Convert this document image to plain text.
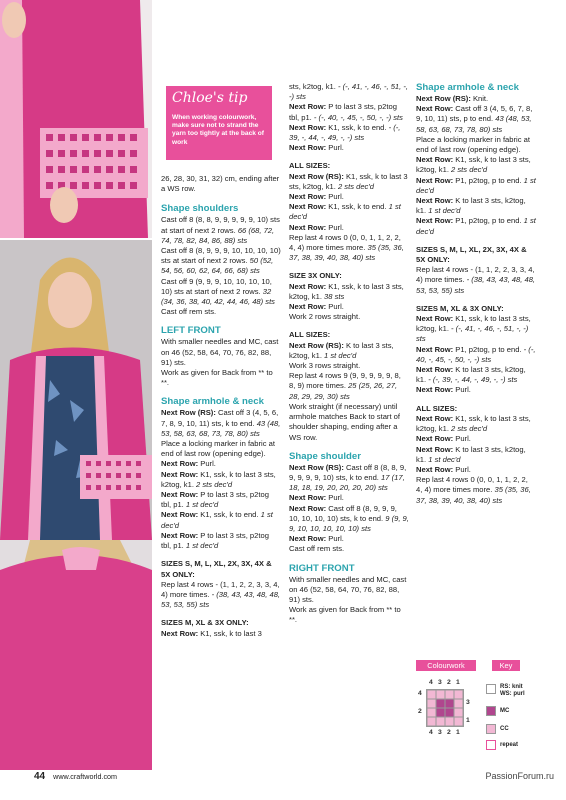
Chloe's tip
When working colourwork, make sure not to strand the yarn too tightly at the back of work
26, 28, 30, 31, 32) cm, ending after a WS row.
Shape shoulders
Cast off 8 (8, 8, 9, 9, 9, 9, 9, 10) sts at start of next 2 rows. 66 (68, 72, 74, 78, 82, 84, 86, 88) sts
Cast off 8 (8, 9, 9, 9, 10, 10, 10, 10) sts at start of next 2 rows. 50 (52, 54, 56, 60, 62, 64, 66, 68) sts
Cast off 9 (9, 9, 9, 10, 10, 10, 10, 10) sts at start of next 2 rows. 32 (34, 36, 38, 40, 42, 44, 46, 48) sts
Cast off rem sts.
LEFT FRONT
With smaller needles and MC, cast on 46 (52, 58, 64, 70, 76, 82, 88, 91) sts.
Work as given for Back from ** to **.
Shape armhole & neck
Next Row (RS): Cast off 3 (4, 5, 6, 7, 8, 9, 10, 11) sts, k to end. 43 (48, 53, 58, 63, 68, 73, 78, 80) sts
Place a locking marker in fabric at end of last row (opening edge).
Next Row: Purl.
Next Row: K1, ssk, k to last 3 sts, k2tog, k1. 2 sts dec'd
Next Row: P to last 3 sts, p2tog tbl, p1. 1 st dec'd
Next Row: K1, ssk, k to end. 1 st dec'd
Next Row: P to last 3 sts, p2tog tbl, p1. 1 st dec'd
SIZES S, M, L, XL, 2X, 3X, 4X & 5X ONLY:
Rep last 4 rows - (1, 1, 2, 2, 3, 3, 4, 4) more times. - (38, 43, 43, 48, 48, 53, 53, 55) sts
SIZES M, XL & 3X ONLY:
Next Row: K1, ssk, k to last 3
sts, k2tog, k1. - (-, 41, -, 46, -, 51, -, -) sts
Next Row: P to last 3 sts, p2tog tbl, p1. - (-, 40, -, 45, -, 50, -, -) sts
Next Row: K1, ssk, k to end. - (-, 39, -, 44, -, 49, -, -) sts
Next Row: Purl.
ALL SIZES:
Next Row (RS): K1, ssk, k to last 3 sts, k2tog, k1. 2 sts dec'd
Next Row: Purl.
Next Row: K1, ssk, k to end. 1 st dec'd
Next Row: Purl.
Rep last 4 rows 0 (0, 0, 1, 1, 2, 2, 4, 4) more times more. 35 (35, 36, 37, 38, 39, 40, 38, 40) sts
SIZE 3X ONLY:
Next Row: K1, ssk, k to last 3 sts, k2tog, k1. 38 sts
Next Row: Purl.
Work 2 rows straight.
ALL SIZES:
Next Row (RS): K to last 3 sts, k2tog, k1. 1 st dec'd
Work 3 rows straight.
Rep last 4 rows 9 (9, 9, 9, 9, 9, 8, 8, 9) more times. 25 (25, 26, 27, 28, 29, 29, 30) sts
Work straight (if necessary) until armhole matches Back to start of shoulder shaping, ending after a WS row.
Shape shoulder
Next Row (RS): Cast off 8 (8, 8, 9, 9, 9, 9, 9, 10) sts, k to end. 17 (17, 18, 18, 19, 20, 20, 20, 20) sts
Next Row: Purl.
Next Row: Cast off 8 (8, 9, 9, 9, 10, 10, 10, 10) sts, k to end. 9 (9, 9, 9, 10, 10, 10, 10, 10) sts
Next Row: Purl.
Cast off rem sts.
RIGHT FRONT
With smaller needles and MC, cast on 46 (52, 58, 64, 70, 76, 82, 88, 91) sts.
Work as given for Back from ** to **.
Shape armhole & neck
Next Row (RS): Knit.
Next Row: Cast off 3 (4, 5, 6, 7, 8, 9, 10, 11) sts, p to end. 43 (48, 53, 58, 63, 68, 73, 78, 80) sts
Place a locking marker in fabric at end of last row (opening edge).
Next Row: K1, ssk, k to last 3 sts, k2tog, k1. 2 sts dec'd
Next Row: P1, p2tog, p to end. 1 st dec'd
Next Row: K to last 3 sts, k2tog, k1. 1 st dec'd
Next Row: P1, p2tog, p to end. 1 st dec'd
SIZES S, M, L, XL, 2X, 3X, 4X & 5X ONLY:
Rep last 4 rows - (1, 1, 2, 2, 3, 3, 4, 4) more times. - (38, 43, 43, 48, 48, 53, 53, 55) sts
SIZES M, XL & 3X ONLY:
Next Row: K1, ssk, k to last 3 sts, k2tog, k1. - (-, 41, -, 46, -, 51, -, -) sts
Next Row: P1, p2tog, p to end. - (-, 40, -, 45, -, 50, -, -) sts
Next Row: K to last 3 sts, k2tog, k1. - (-, 39, -, 44, -, 49, -, -) sts
Next Row: Purl.
ALL SIZES:
Next Row: K1, ssk, k to last 3 sts, k2tog, k1. 2 sts dec'd
Next Row: Purl.
Next Row: K to last 3 sts, k2tog, k1. 1 st dec'd
Next Row: Purl.
Rep last 4 rows 0 (0, 0, 1, 1, 2, 2, 4, 4) more times more. 35 (35, 36, 37, 38, 39, 40, 38, 40) sts
Colourwork
4 3 2 1
4
3
2
1
4 3 2 1
Key
RS: knit
WS: purl
MC
CC
repeat
44 www.craftworld.com	PassionForum.ru
